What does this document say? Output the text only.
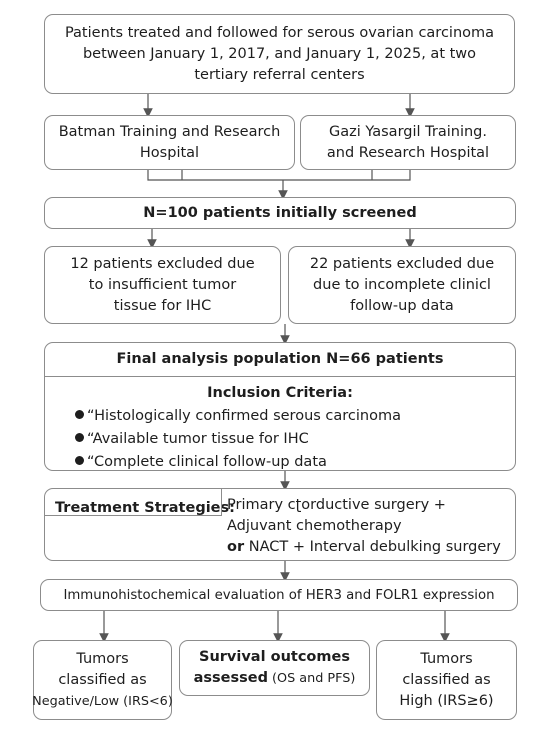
Patients treated and followed for serous ovarian carcinoma
between January 1, 2017, and January 1, 2025, at two
tertiary referral centers
Batman Training and Research
Hospital
Gazi Yasargil Training.
and Research Hospital
N=100 patients initially screened
12 patients excluded due
to insufficient tumor
tissue for IHC
22 patients excluded due
due to incomplete clinicl
follow-up data
Final analysis population N=66 patients
Inclusion Criteria:
“Histologically confirmed serous carcinoma
“Available tumor tissue for IHC
“Complete clinical follow-up data
Treatment Strategies:
Primary cʈorductive surgery +
Adjuvant chemotherapy
or NACT + Interval debulking surgery
Immunohistochemical evaluation of HER3 and FOLR1 expression
Tumors
classified as
Negative/Low (IRS<6)
Survival outcomes
assessed (OS and PFS)
Tumors
classified as
High (IRS≥6)
